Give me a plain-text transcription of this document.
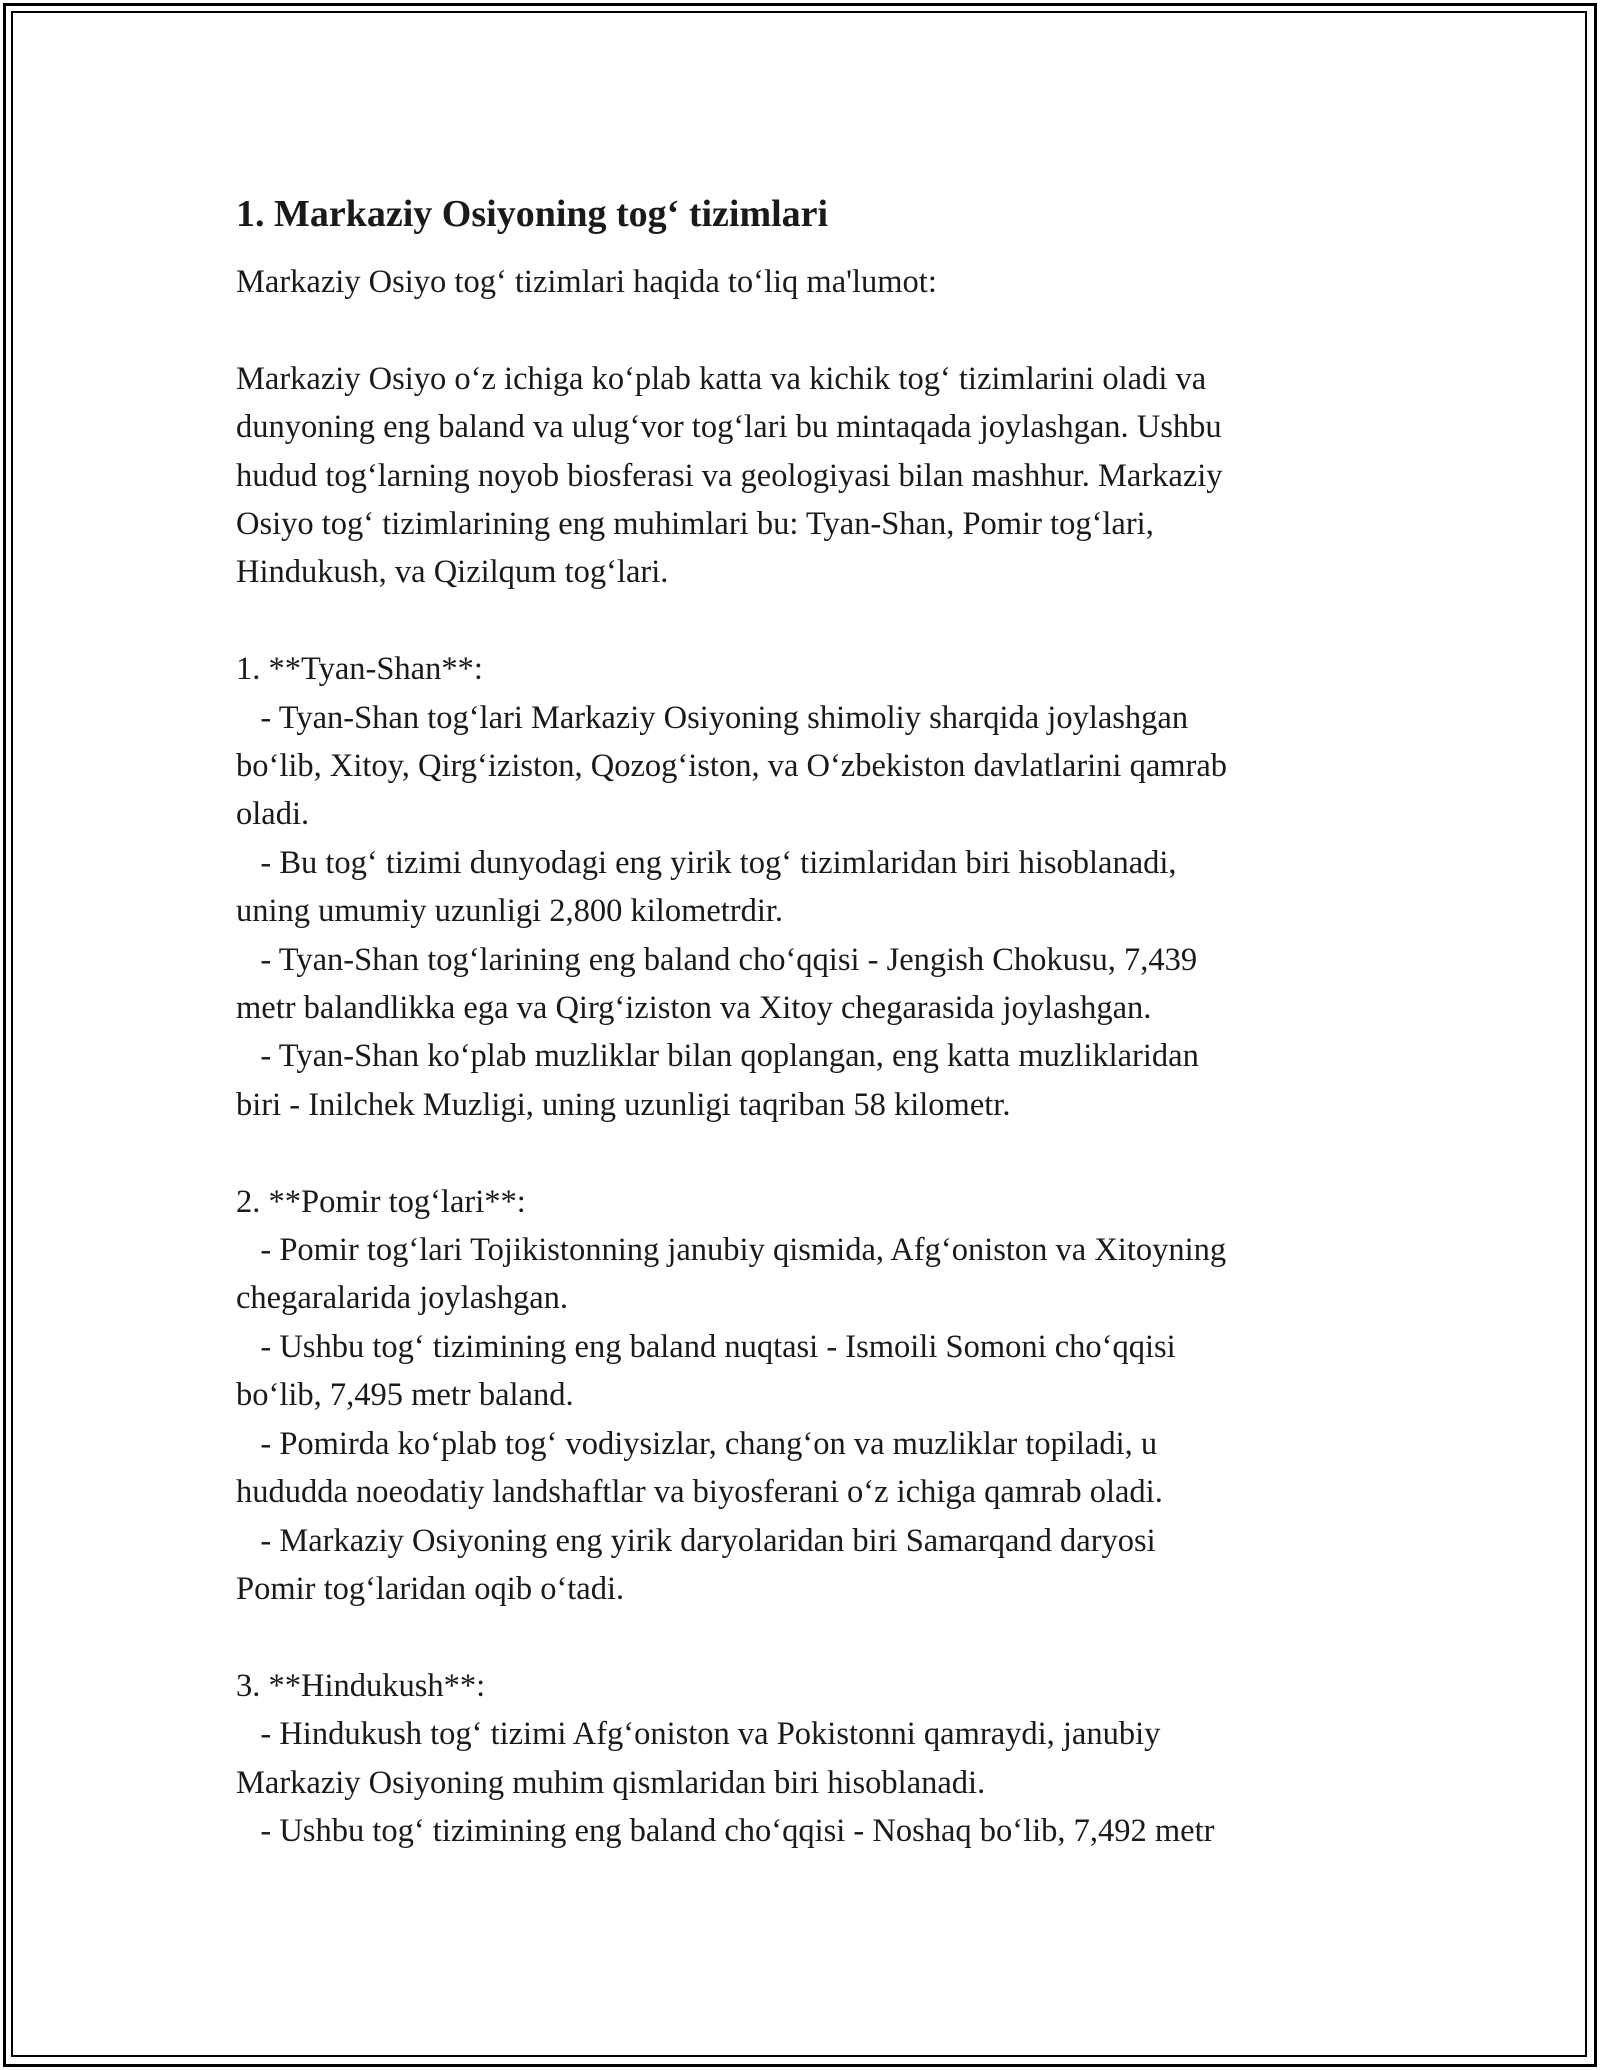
1. Markaziy Osiyoning tog‘ tizimlari

Markaziy Osiyo tog‘ tizimlari haqida to‘liq ma'lumot:

Markaziy Osiyo o‘z ichiga ko‘plab katta va kichik tog‘ tizimlarini oladi va
dunyoning eng baland va ulug‘vor tog‘lari bu mintaqada joylashgan. Ushbu
hudud tog‘larning noyob biosferasi va geologiyasi bilan mashhur. Markaziy
Osiyo tog‘ tizimlarining eng muhimlari bu: Tyan-Shan, Pomir tog‘lari,
Hindukush, va Qizilqum tog‘lari.
1. **Tyan-Shan**:
- Tyan-Shan tog‘lari Markaziy Osiyoning shimoliy sharqida joylashgan
bo‘lib, Xitoy, Qirg‘iziston, Qozog‘iston, va O‘zbekiston davlatlarini qamrab
oladi.
- Bu tog‘ tizimi dunyodagi eng yirik tog‘ tizimlaridan biri hisoblanadi,
uning umumiy uzunligi 2,800 kilometrdir.
- Tyan-Shan tog‘larining eng baland cho‘qqisi - Jengish Chokusu, 7,439
metr balandlikka ega va Qirg‘iziston va Xitoy chegarasida joylashgan.
- Tyan-Shan ko‘plab muzliklar bilan qoplangan, eng katta muzliklaridan
biri - Inilchek Muzligi, uning uzunligi taqriban 58 kilometr.
2. **Pomir tog‘lari**:
- Pomir tog‘lari Tojikistonning janubiy qismida, Afg‘oniston va Xitoyning
chegaralarida joylashgan.
- Ushbu tog‘ tizimining eng baland nuqtasi - Ismoili Somoni cho‘qqisi
bo‘lib, 7,495 metr baland.
- Pomirda ko‘plab tog‘ vodiysizlar, chang‘on va muzliklar topiladi, u
hududda noeodatiy landshaftlar va biyosferani o‘z ichiga qamrab oladi.
- Markaziy Osiyoning eng yirik daryolaridan biri Samarqand daryosi
Pomir tog‘laridan oqib o‘tadi.
3. **Hindukush**:
- Hindukush tog‘ tizimi Afg‘oniston va Pokistonni qamraydi, janubiy
Markaziy Osiyoning muhim qismlaridan biri hisoblanadi.
- Ushbu tog‘ tizimining eng baland cho‘qqisi - Noshaq bo‘lib, 7,492 metr
